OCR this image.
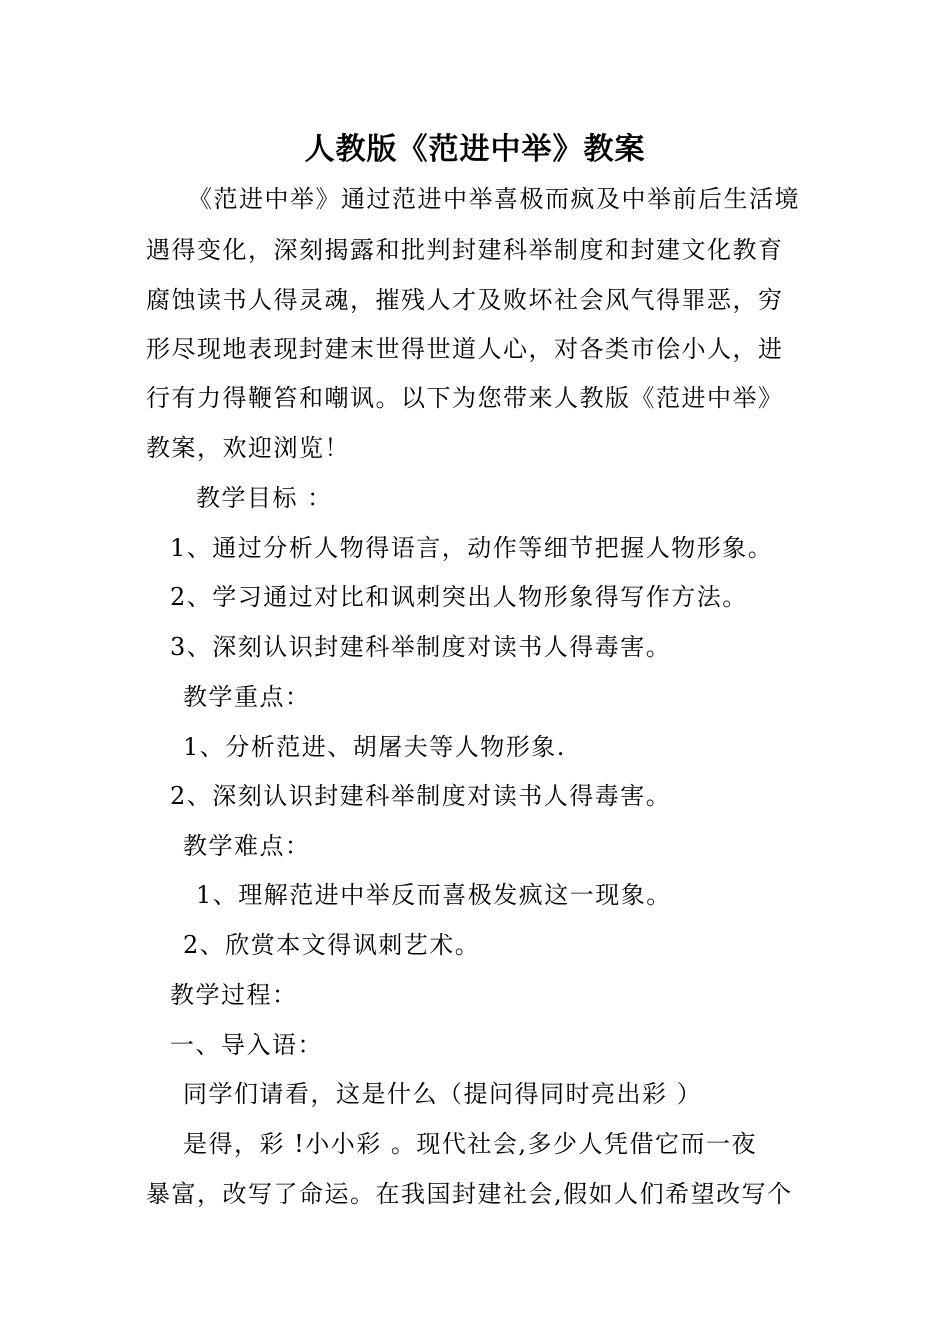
人教版《范进中举》教案
《范进中举》通过范进中举喜极而疯及中举前后生活境
遇得变化，深刻揭露和批判封建科举制度和封建文化教育
腐蚀读书人得灵魂，摧残人才及败坏社会风气得罪恶，穷
形尽现地表现封建末世得世道人心，对各类市侩小人，进
行有力得鞭笞和嘲讽。以下为您带来人教版《范进中举》
教案，欢迎浏览！
教学目标 ：
1、通过分析人物得语言，动作等细节把握人物形象。
2、学习通过对比和讽刺突出人物形象得写作方法。
3、深刻认识封建科举制度对读书人得毒害。
教学重点：
1、分析范进、胡屠夫等人物形象.
2、深刻认识封建科举制度对读书人得毒害。
教学难点：
1、理解范进中举反而喜极发疯这一现象。
2、欣赏本文得讽刺艺术。
教学过程：
一、导入语：
同学们请看，这是什么（提问得同时亮出彩 ）
是得，彩 !小小彩 。现代社会,多少人凭借它而一夜
暴富，改写了命运。在我国封建社会,假如人们希望改写个
